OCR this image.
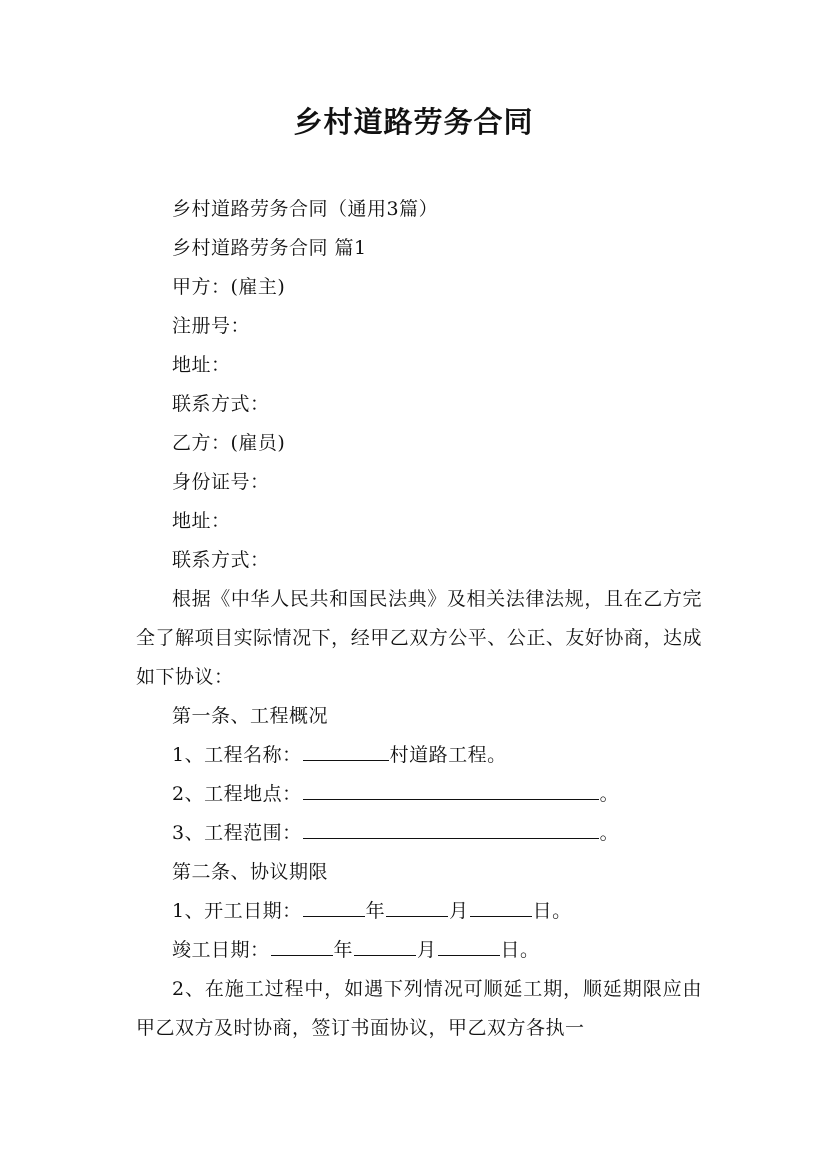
乡村道路劳务合同

乡村道路劳务合同（通用3篇）

乡村道路劳务合同 篇1

甲方：(雇主)

注册号：

地址：

联系方式：

乙方：(雇员)

身份证号：

地址：

联系方式：

根据《中华人民共和国民法典》及相关法律法规，且在乙方完全了解项目实际情况下，经甲乙双方公平、公正、友好协商，达成如下协议：

第一条、工程概况

1、工程名称：	村道路工程。

2、工程地点：	。

3、工程范围：	。

第二条、协议期限

1、开工日期：	年	月	日。

竣工日期：	年	月	日。

2、在施工过程中，如遇下列情况可顺延工期，顺延期限应由甲乙双方及时协商，签订书面协议，甲乙双方各执一
